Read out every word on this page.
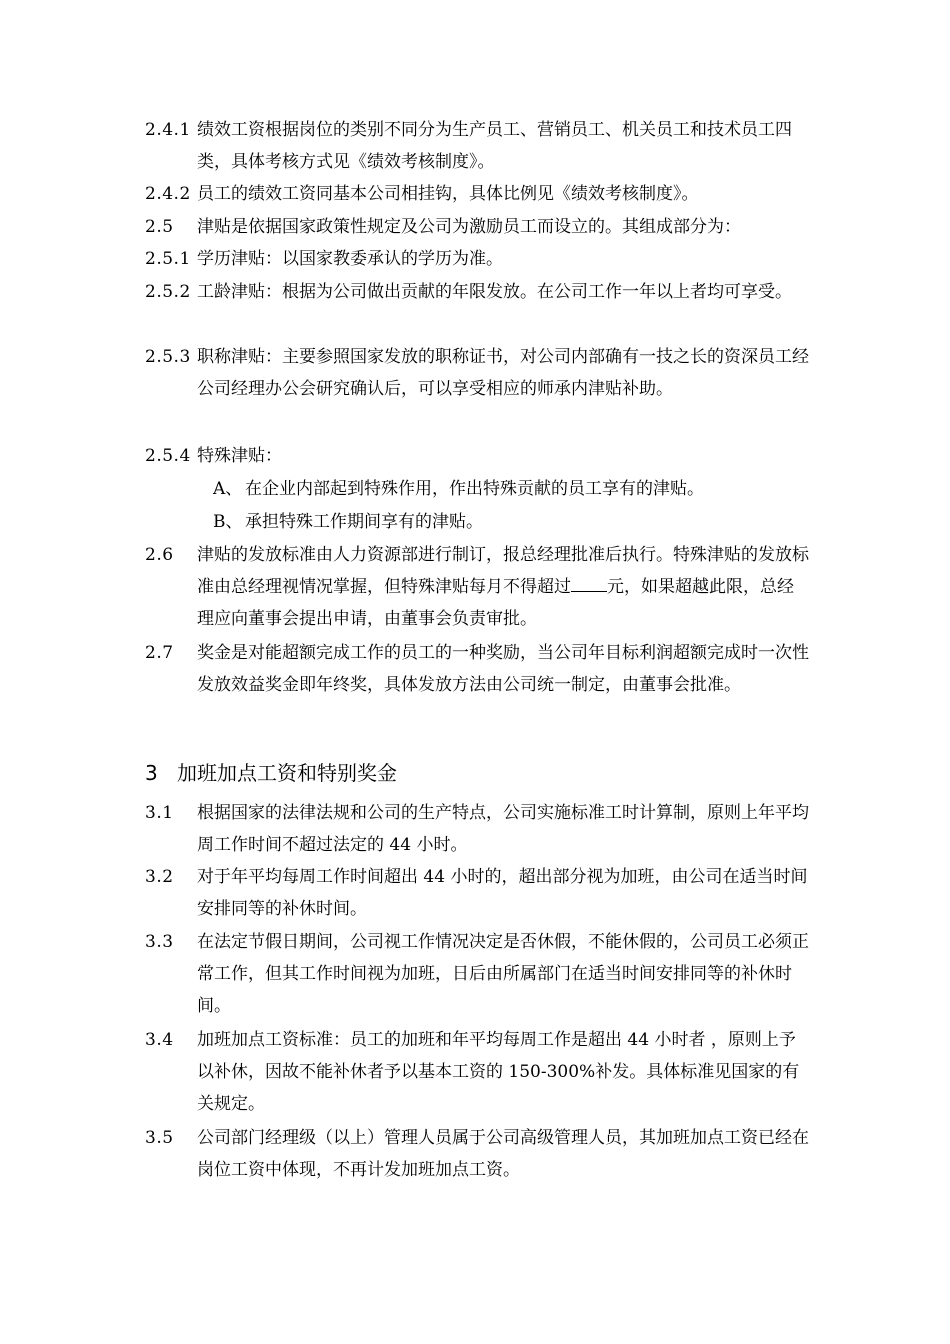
2.4.1 绩效工资根据岗位的类别不同分为生产员工、营销员工、机关员工和技术员工四类，具体考核方式见《绩效考核制度》。
2.4.2 员工的绩效工资同基本公司相挂钩，具体比例见《绩效考核制度》。
2.5 津贴是依据国家政策性规定及公司为激励员工而设立的。其组成部分为：
2.5.1 学历津贴：以国家教委承认的学历为准。
2.5.2 工龄津贴：根据为公司做出贡献的年限发放。在公司工作一年以上者均可享受。
2.5.3 职称津贴：主要参照国家发放的职称证书，对公司内部确有一技之长的资深员工经公司经理办公会研究确认后，可以享受相应的师承内津贴补助。
2.5.4 特殊津贴：
A、 在企业内部起到特殊作用，作出特殊贡献的员工享有的津贴。
B、 承担特殊工作期间享有的津贴。
2.6 津贴的发放标准由人力资源部进行制订，报总经理批准后执行。特殊津贴的发放标准由总经理视情况掌握，但特殊津贴每月不得超过 元，如果超越此限，总经理应向董事会提出申请，由董事会负责审批。
2.7 奖金是对能超额完成工作的员工的一种奖励，当公司年目标利润超额完成时一次性发放效益奖金即年终奖，具体发放方法由公司统一制定，由董事会批准。
3 加班加点工资和特别奖金
3.1 根据国家的法律法规和公司的生产特点，公司实施标准工时计算制，原则上年平均周工作时间不超过法定的 44 小时。
3.2 对于年平均每周工作时间超出 44 小时的，超出部分视为加班，由公司在适当时间安排同等的补休时间。
3.3 在法定节假日期间，公司视工作情况决定是否休假，不能休假的，公司员工必须正常工作，但其工作时间视为加班，日后由所属部门在适当时间安排同等的补休时间。
3.4 加班加点工资标准：员工的加班和年平均每周工作是超出 44 小时者 ，原则上予以补休，因故不能补休者予以基本工资的 150-300%补发。具体标准见国家的有关规定。
3.5 公司部门经理级（以上）管理人员属于公司高级管理人员，其加班加点工资已经在岗位工资中体现，不再计发加班加点工资。
